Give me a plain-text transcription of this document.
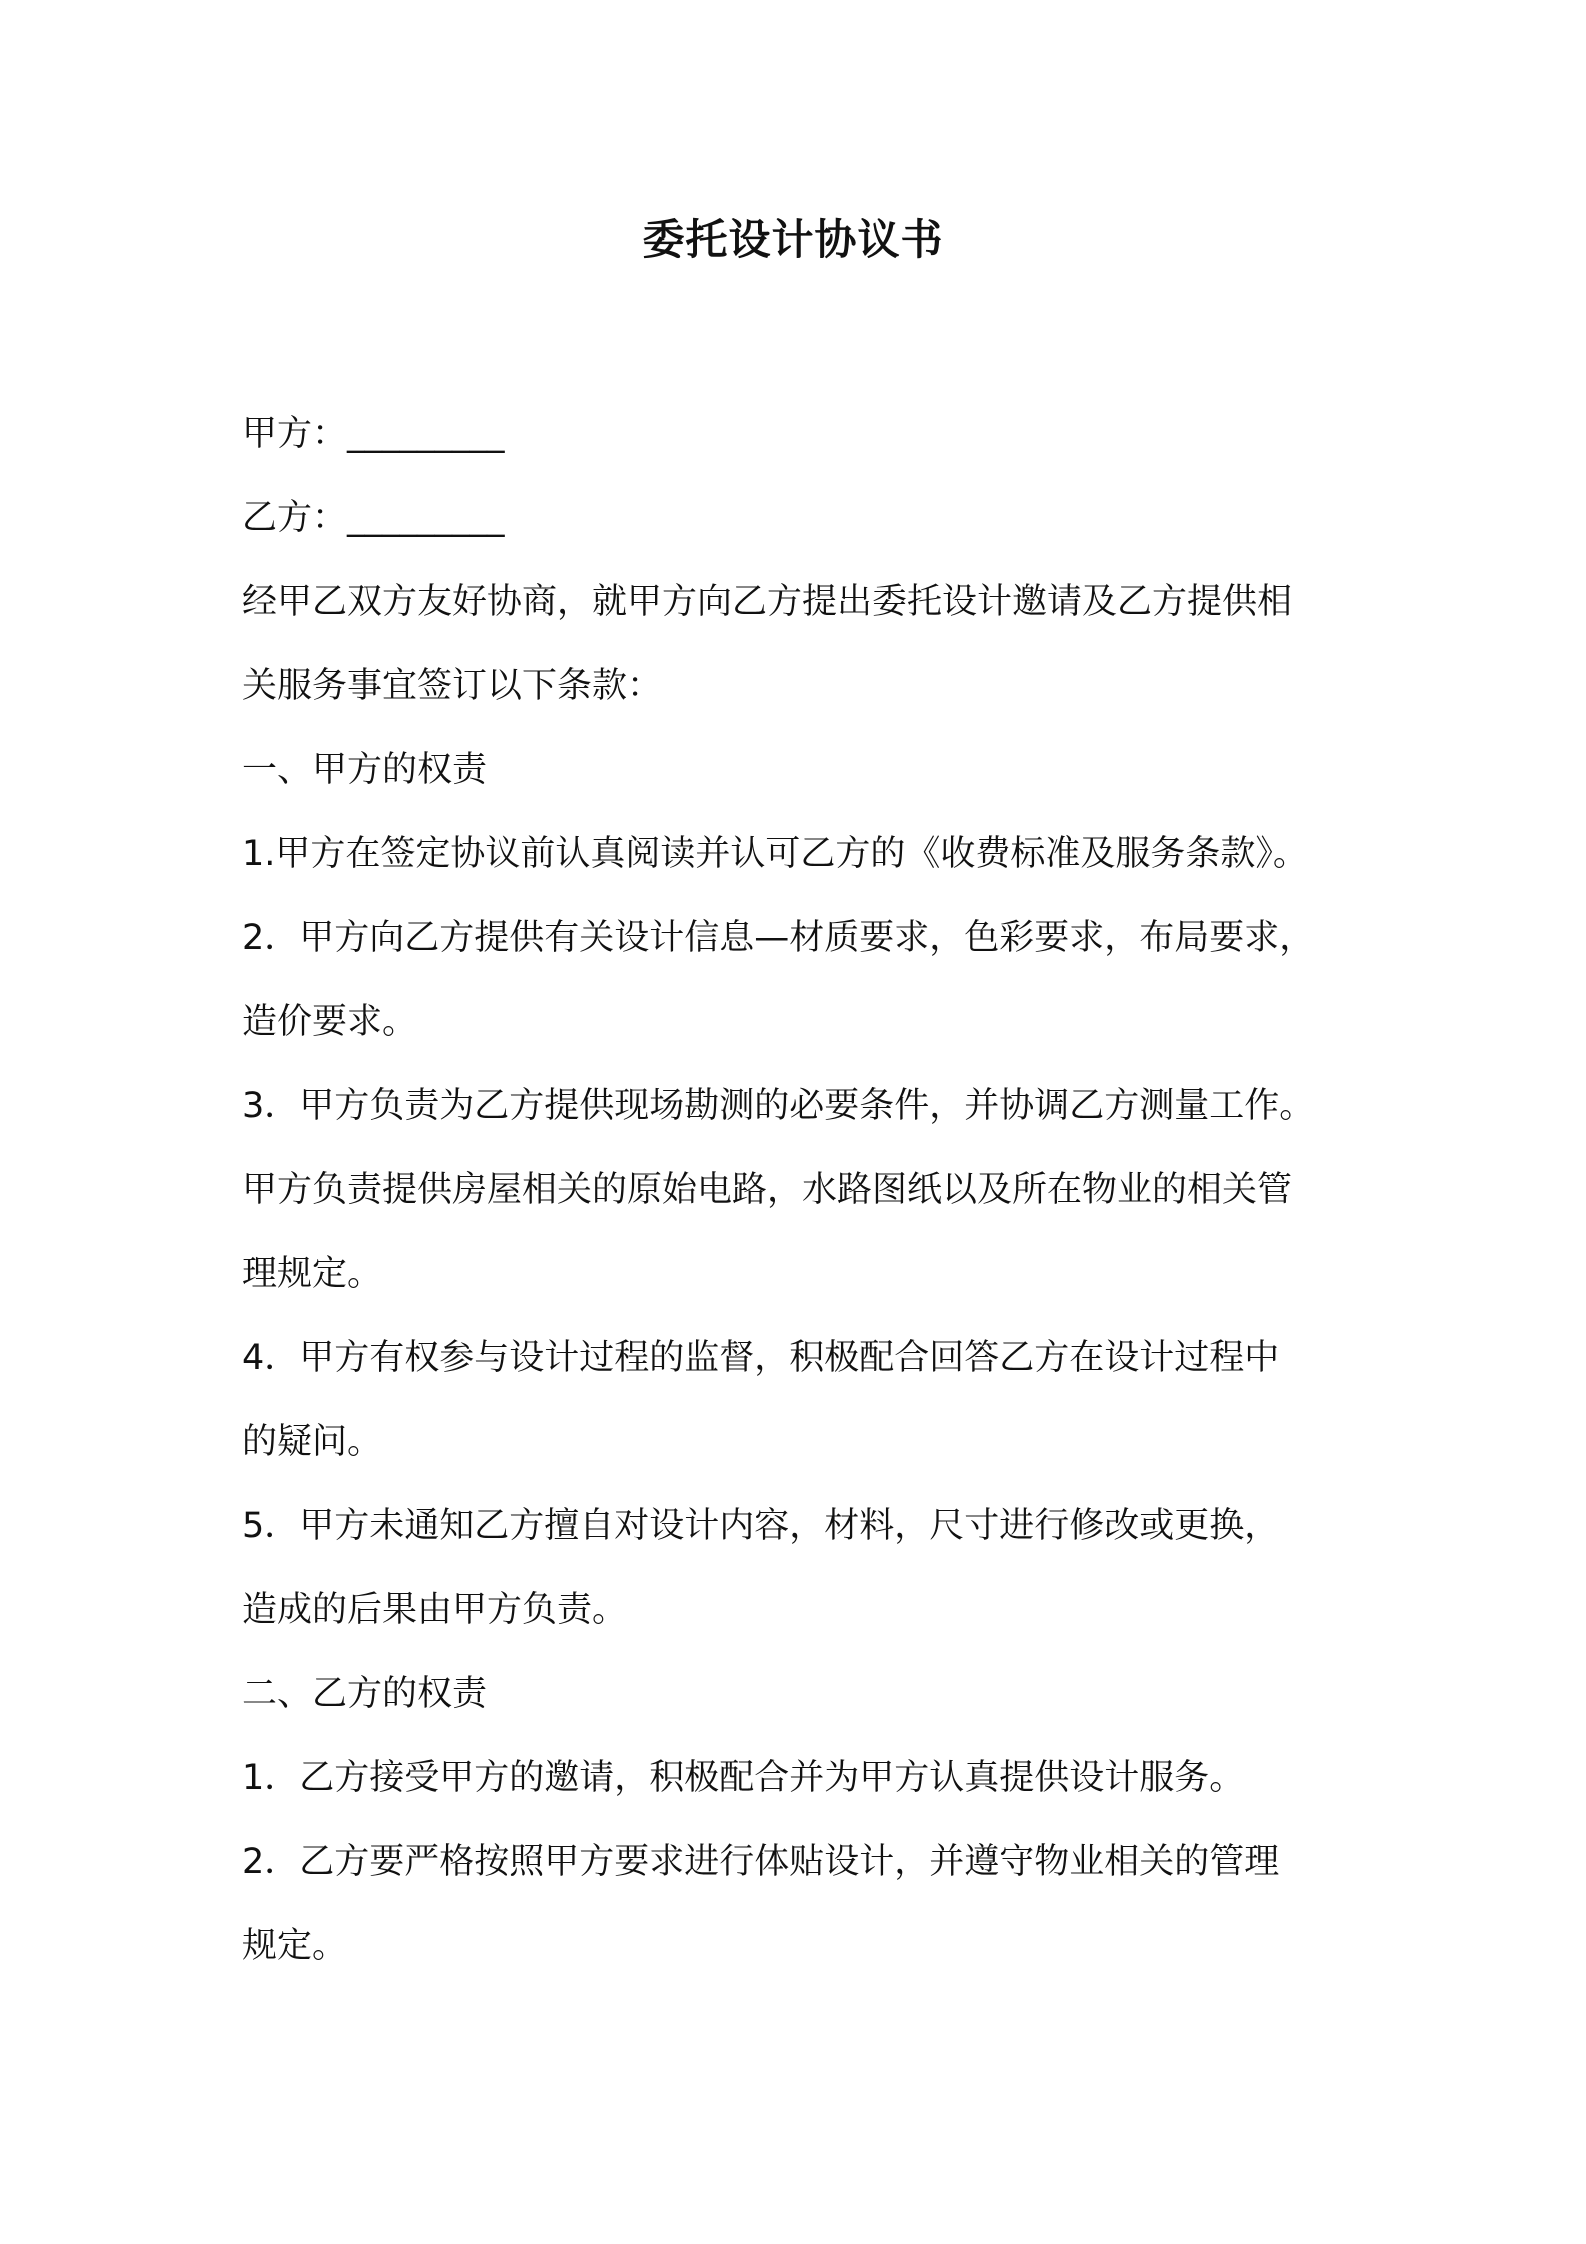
委托设计协议书
甲方：_________
乙方：_________
经甲乙双方友好协商，就甲方向乙方提出委托设计邀请及乙方提供相
关服务事宜签订以下条款：
一、甲方的权责
1.甲方在签定协议前认真阅读并认可乙方的《收费标准及服务条款》。
2．甲方向乙方提供有关设计信息—材质要求，色彩要求，布局要求，
造价要求。
3．甲方负责为乙方提供现场勘测的必要条件，并协调乙方测量工作。
甲方负责提供房屋相关的原始电路，水路图纸以及所在物业的相关管
理规定。
4．甲方有权参与设计过程的监督，积极配合回答乙方在设计过程中
的疑问。
5．甲方未通知乙方擅自对设计内容，材料，尺寸进行修改或更换，
造成的后果由甲方负责。
二、乙方的权责
1．乙方接受甲方的邀请，积极配合并为甲方认真提供设计服务。
2．乙方要严格按照甲方要求进行体贴设计，并遵守物业相关的管理
规定。
